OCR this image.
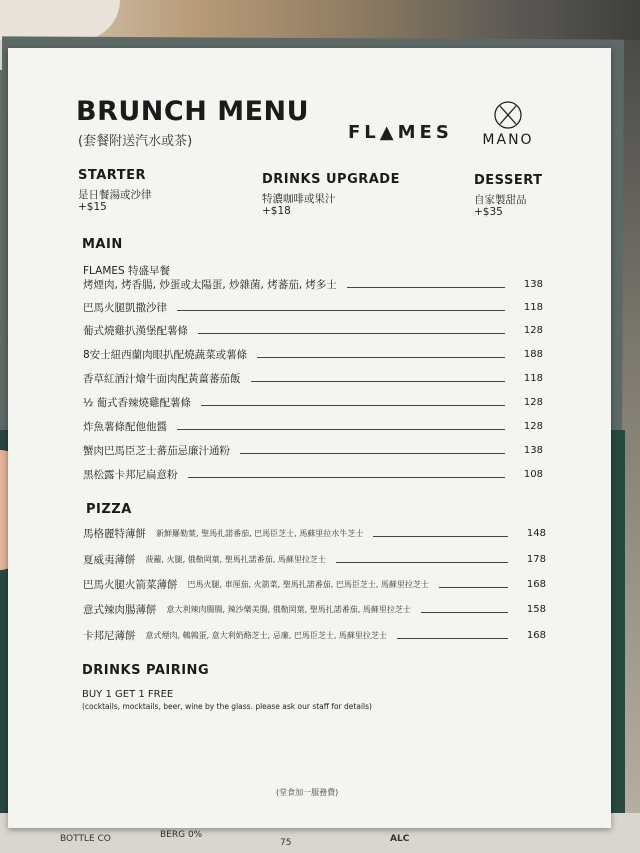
BOTTLE CO	BERG 0%
75	ALC
BRUNCH MENU
(套餐附送汽水或茶)	FL▲MES	MANO
STARTER
是日餐湯或沙律
+$15
DRINKS UPGRADE
特濃咖啡或果汁
+$18
DESSERT
自家製甜品
+$35
MAIN
FLAMES 特盛早餐
烤煙肉, 烤香腸, 炒蛋或太陽蛋, 炒雜菌, 烤蕃茄, 烤多士	138
巴馬火腿凱撒沙律	118
葡式燒雞扒漢堡配薯條	128
8安士紐西蘭肉眼扒配燒蔬菜或薯條	188
香草紅酒汁燴牛面肉配黃薑蕃茄飯	118
½ 葡式香辣燒雞配薯條	128
炸魚薯條配他他醬	128
蟹肉巴馬臣芝士蕃茄忌廉汁通粉	138
黑松露卡邦尼扁意粉	108
PIZZA
馬格麗特薄餅 新鮮羅勒葉, 聖馬扎諾番茄, 巴馬臣芝士, 馬蘇里拉水牛芝士	148
夏威夷薄餅 菠蘿, 火腿, 俄勒岡葉, 聖馬扎諾番茄, 馬蘇里拉芝士	178
巴馬火腿火箭菜薄餅 巴馬火腿, 車厘茄, 火箭菜, 聖馬扎諾番茄, 巴馬臣芝士, 馬蘇里拉芝士	168
意式辣肉腸薄餅 意大利辣肉腸腸, 辣沙樂美腸, 俄勒岡葉, 聖馬扎諾番茄, 馬蘇里拉芝士	158
卡邦尼薄餅 意式煙肉, 鵪鶉蛋, 意大利奶酪芝士, 忌廉, 巴馬臣芝士, 馬蘇里拉芝士	168
DRINKS PAIRING
BUY 1 GET 1 FREE
(cocktails, mocktails, beer, wine by the glass. please ask our staff for details)
(堂食加一服務費)
